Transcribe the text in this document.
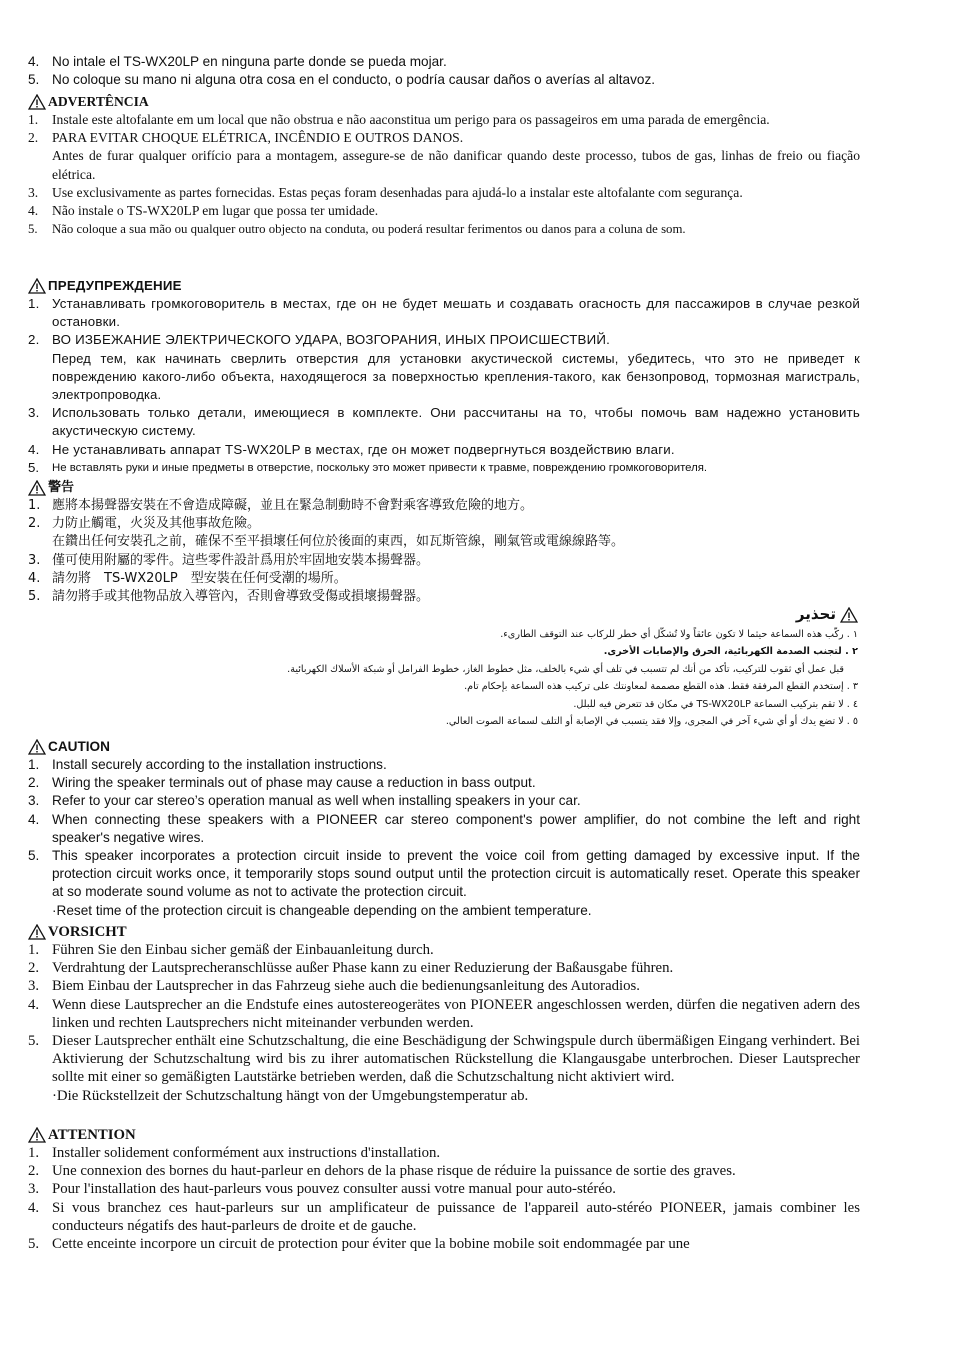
4. No intale el TS-WX20LP en ninguna parte donde se pueda mojar.
5. No coloque su mano ni alguna otra cosa en el conducto, o podría causar daños o averías al altavoz.
ADVERTÊNCIA
1.	Instale este altofalante em um local que não obstrua e não aaconstitua um perigo para os passageiros em uma parada de emergência.
2.	PARA EVITAR CHOQUE ELÉTRICA, INCÊNDIO E OUTROS DANOS.
Antes de furar qualquer orifício para a montagem, assegure-se de não danificar quando deste processo, tubos de gas, linhas de freio ou fiação elétrica.
3.	Use exclusivamente as partes fornecidas. Estas peças foram desenhadas para ajudá-lo a instalar este altofalante com segurança.
4.	Não instale o TS-WX20LP em lugar que possa ter umidade.
5.	Não coloque a sua mão ou qualquer outro objecto na conduta, ou poderá resultar ferimentos ou danos para a coluna de som.
ПРЕДУПРЕЖДЕНИЕ
1. Устанавливать громкоговоритель в местах, где он не будет мешать и создавать огасность для пассажиров в случае резкой остановки.
2. ВО ИЗБЕЖАНИЕ ЭЛЕКТРИЧЕСКОГО УДАРА, ВОЗГОРАНИЯ, ИНЫХ ПРОИСШЕСТВИЙ.
Перед тем, как начинать сверлить отверстия для установки акустической системы, убедитесь, что это не приведет к повреждению какого-либо объекта, находящегося за поверхностью крепления-такого, как бензопровод, тормозная магистраль, электропроводка.
3. Использовать только детали, имеющиеся в комплекте. Они рассчитаны на то, чтобы помочь вам надежно установить акустическую систему.
4. Не устанавливать аппарат TS-WX20LP в местах, где он может подвергнуться воздействию влаги.
5.	Не вставлять руки и иные предметы в отверстие, поскольку это может привести к травме, повреждению громкоговорителя.
警告
1. 應將本揚聲器安裝在不會造成障礙，並且在緊急制動時不會對乘客導致危險的地方。
2. 力防止觸電，火災及其他事故危險。
在鑽出任何安裝孔之前，確保不至平損壞任何位於後面的東西，如瓦斯管線，剛氣管或電線線路等。
3. 僅可使用附屬的零件。這些零件設計爲用於牢固地安裝本揚聲器。
4. 請勿將　TS-WX20LP　型安裝在任何受潮的場所。
5. 請勿將手或其他物品放入導管內，否則會導致受傷或損壞揚聲器。
تحذير
١ . ركّب هذه السماعة حيثما لا تكون عائقاً ولا تُشكّل أي خطر للركاب عند التوقف الطارىء.
٢ . لتجنب الصدمة الكهربائية، الحرق والإصابات الأخرى.
قبل عمل أي ثقوب للتركيب، تأكد من أنك لم تتسبب في تلف أي شيء بالخلف، مثل خطوط الغاز، خطوط الفرامل أو شبكة الأسلاك الكهربائية.
٣ . إستخدم القطع المرفقة فقط. هذه القطع مصممة لمعاونتك على تركيب هذه السماعة بإحكام تام.
٤ . لا تقم بتركيب السماعة TS-WX20LP في مكان قد تتعرض فيه للبلل.
٥ . لا تضع يدك أو أي شيء آخر في المجرى، وإلا فقد يتسبب في الإصابة أو التلف لسماعة الصوت العالي.
CAUTION
1. Install securely according to the installation instructions.
2. Wiring the speaker terminals out of phase may cause a reduction in bass output.
3. Refer to your car stereo’s operation manual as well when installing speakers in your car.
4. When connecting these speakers with a PIONEER car stereo component's power amplifier, do not combine the left and right speaker's negative wires.
5. This speaker incorporates a protection circuit inside to prevent the voice coil from getting damaged by excessive input. If the protection circuit works once, it temporarily stops sound output until the protection circuit is automatically reset. Operate this speaker at so moderate sound volume as not to activate the protection circuit.
·Reset time of the protection circuit is changeable depending on the ambient temperature.
VORSICHT
1. Führen Sie den Einbau sicher gemäß der Einbauanleitung durch.
2. Verdrahtung der Lautsprecheranschlüsse außer Phase kann zu einer Reduzierung der Baßausgabe führen.
3. Biem Einbau der Lautsprecher in das Fahrzeug siehe auch die bedienungsanleitung des Autoradios.
4. Wenn diese Lautsprecher an die Endstufe eines autostereogerätes von PIONEER angeschlossen werden, dürfen die negativen adern des linken und rechten Lautsprechers nicht miteinander verbunden werden.
5. Dieser Lautsprecher enthält eine Schutzschaltung, die eine Beschädigung der Schwingspule durch übermäßigen Eingang verhindert. Bei Aktivierung der Schutzschaltung wird bis zu ihrer automatischen Rückstellung die Klangausgabe unterbrochen. Dieser Lautsprecher sollte mit einer so gemäßigten Lautstärke betrieben werden, daß die Schutzschaltung nicht aktiviert wird.
·Die Rückstellzeit der Schutzschaltung hängt von der Umgebungstemperatur ab.
ATTENTION
1. Installer solidement conformément aux instructions d'installation.
2. Une connexion des bornes du haut-parleur en dehors de la phase risque de réduire la puissance de sortie des graves.
3. Pour l'installation des haut-parleurs vous pouvez consulter aussi votre manual pour auto-stéréo.
4. Si vous branchez ces haut-parleurs sur un amplificateur de puissance de l'appareil auto-stéréo PIONEER, jamais combiner les conducteurs négatifs des haut-parleurs de droite et de gauche.
5. Cette enceinte incorpore un circuit de protection pour éviter que la bobine mobile soit endommagée par une
